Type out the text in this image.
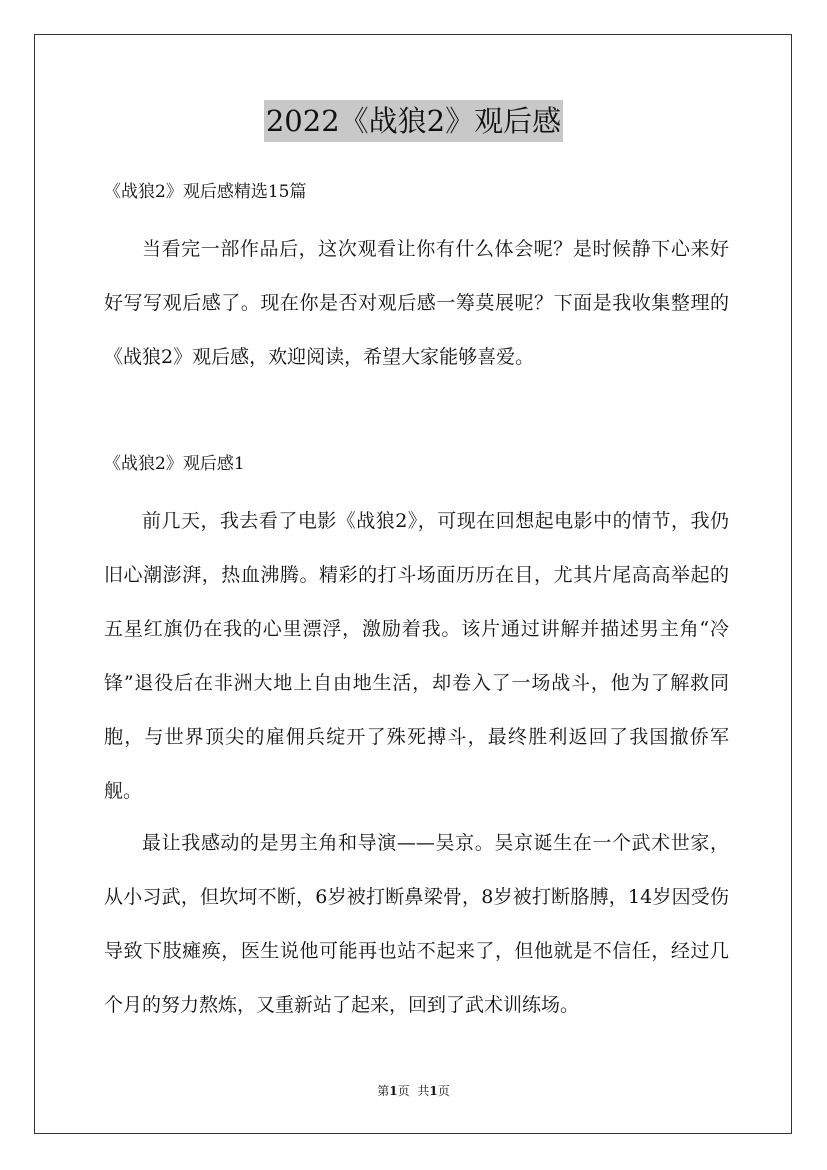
2022《战狼2》观后感
《战狼2》观后感精选15篇

当看完一部作品后，这次观看让你有什么体会呢？是时候静下心来好好写写观后感了。现在你是否对观后感一筹莫展呢？下面是我收集整理的《战狼2》观后感，欢迎阅读，希望大家能够喜爱。

《战狼2》观后感1

前几天，我去看了电影《战狼2》，可现在回想起电影中的情节，我仍旧心潮澎湃，热血沸腾。精彩的打斗场面历历在目，尤其片尾高高举起的五星红旗仍在我的心里漂浮，激励着我。该片通过讲解并描述男主角“冷锋”退役后在非洲大地上自由地生活，却卷入了一场战斗，他为了解救同胞，与世界顶尖的雇佣兵绽开了殊死搏斗，最终胜利返回了我国撤侨军舰。

最让我感动的是男主角和导演——吴京。吴京诞生在一个武术世家，从小习武，但坎坷不断，6岁被打断鼻梁骨，8岁被打断胳膊，14岁因受伤导致下肢瘫痪，医生说他可能再也站不起来了，但他就是不信任，经过几个月的努力熬炼，又重新站了起来，回到了武术训练场。

第1页 共1页
